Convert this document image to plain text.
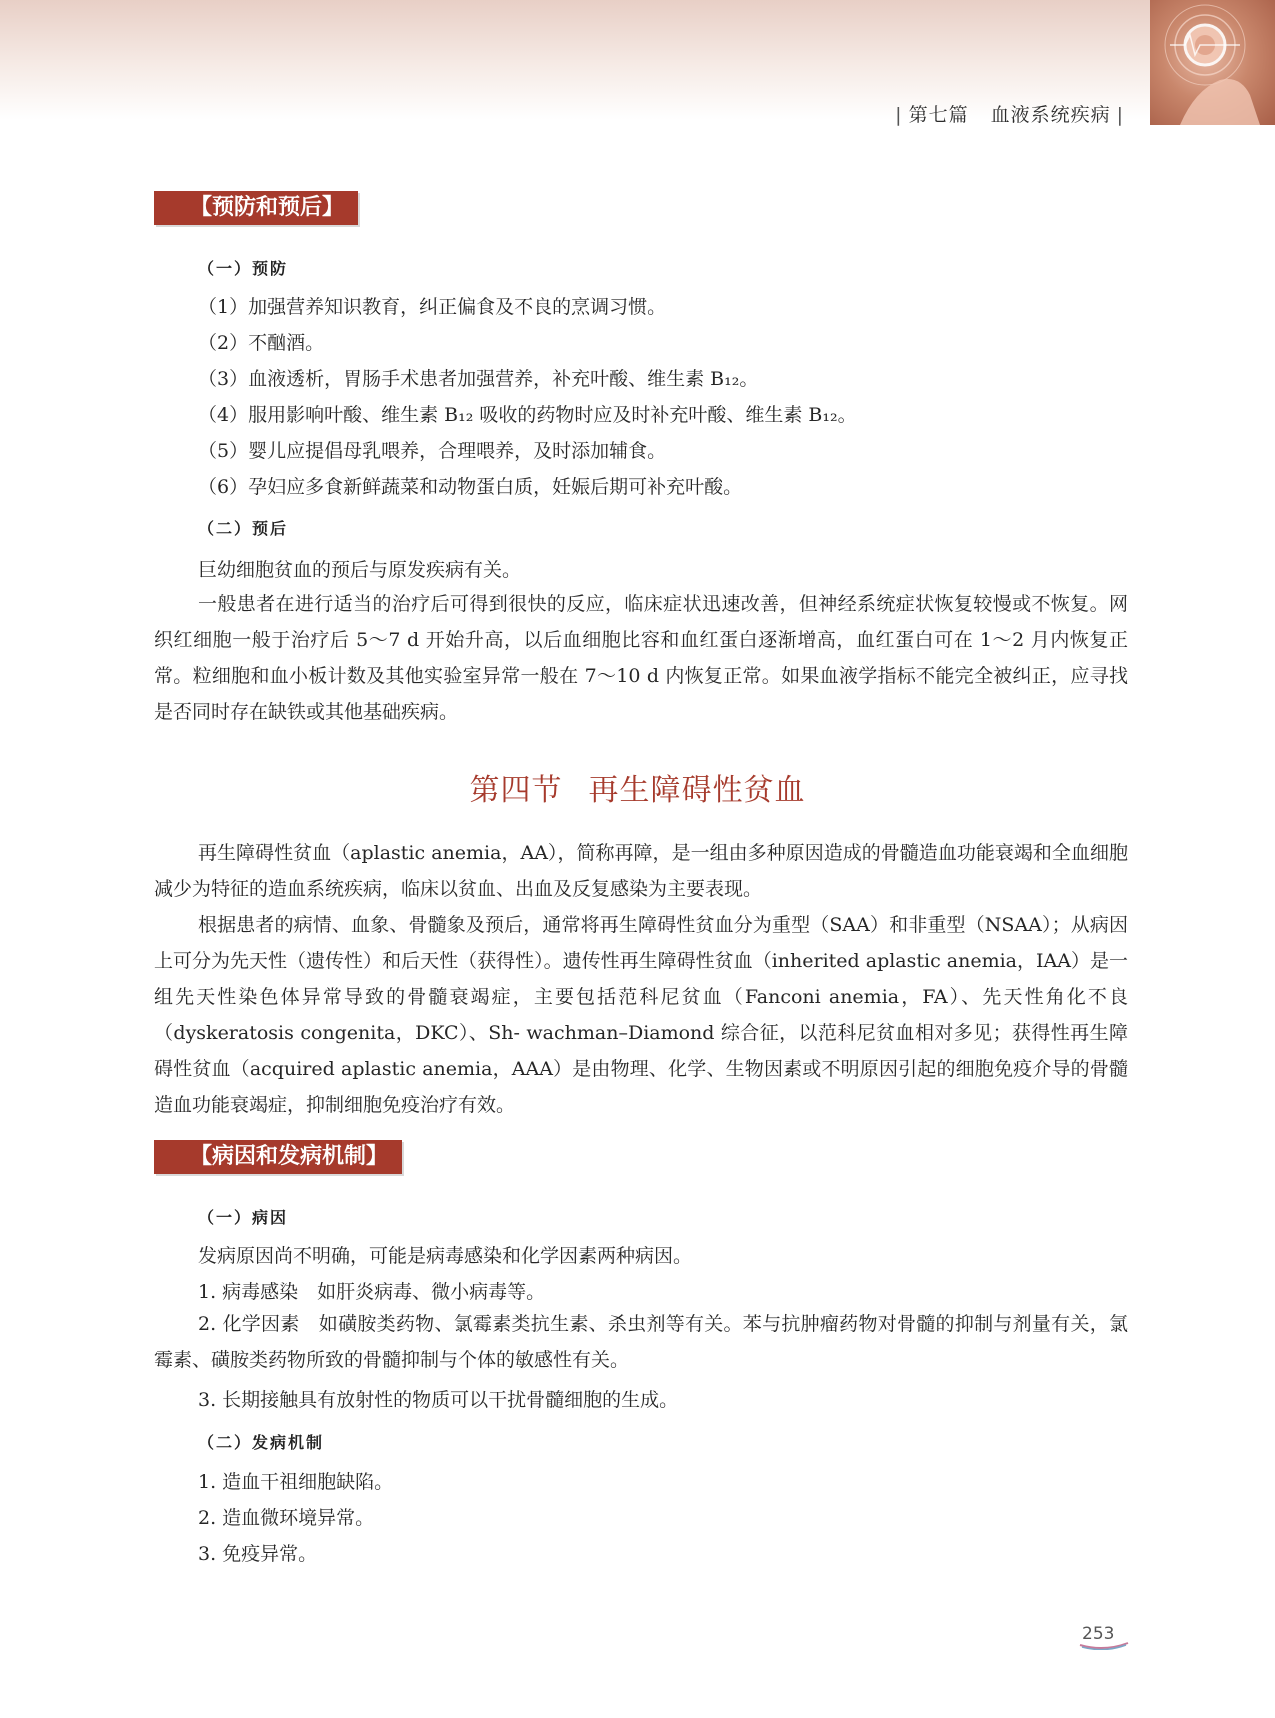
| 第七篇 血液系统疾病 |
【预防和预后】
（一）预防
（1）加强营养知识教育，纠正偏食及不良的烹调习惯。
（2）不酗酒。
（3）血液透析，胃肠手术患者加强营养，补充叶酸、维生素 B₁₂。
（4）服用影响叶酸、维生素 B₁₂ 吸收的药物时应及时补充叶酸、维生素 B₁₂。
（5）婴儿应提倡母乳喂养，合理喂养，及时添加辅食。
（6）孕妇应多食新鲜蔬菜和动物蛋白质，妊娠后期可补充叶酸。
（二）预后
巨幼细胞贫血的预后与原发疾病有关。
一般患者在进行适当的治疗后可得到很快的反应，临床症状迅速改善，但神经系统症状恢复较慢或不恢复。网织红细胞一般于治疗后 5～7 d 开始升高，以后血细胞比容和血红蛋白逐渐增高，血红蛋白可在 1～2 月内恢复正常。粒细胞和血小板计数及其他实验室异常一般在 7～10 d 内恢复正常。如果血液学指标不能完全被纠正，应寻找是否同时存在缺铁或其他基础疾病。
第四节 再生障碍性贫血
再生障碍性贫血（aplastic anemia，AA），简称再障，是一组由多种原因造成的骨髓造血功能衰竭和全血细胞减少为特征的造血系统疾病，临床以贫血、出血及反复感染为主要表现。
根据患者的病情、血象、骨髓象及预后，通常将再生障碍性贫血分为重型（SAA）和非重型（NSAA）；从病因上可分为先天性（遗传性）和后天性（获得性）。遗传性再生障碍性贫血（inherited aplastic anemia，IAA）是一组先天性染色体异常导致的骨髓衰竭症，主要包括范科尼贫血（Fanconi anemia，FA）、先天性角化不良（dyskeratosis congenita，DKC）、Sh- wachman–Diamond 综合征，以范科尼贫血相对多见；获得性再生障碍性贫血（acquired aplastic anemia，AAA）是由物理、化学、生物因素或不明原因引起的细胞免疫介导的骨髓造血功能衰竭症，抑制细胞免疫治疗有效。
【病因和发病机制】
（一）病因
发病原因尚不明确，可能是病毒感染和化学因素两种病因。
1. 病毒感染　如肝炎病毒、微小病毒等。
2. 化学因素　如磺胺类药物、氯霉素类抗生素、杀虫剂等有关。苯与抗肿瘤药物对骨髓的抑制与剂量有关，氯霉素、磺胺类药物所致的骨髓抑制与个体的敏感性有关。
3. 长期接触具有放射性的物质可以干扰骨髓细胞的生成。
（二）发病机制
1. 造血干祖细胞缺陷。
2. 造血微环境异常。
3. 免疫异常。
253
